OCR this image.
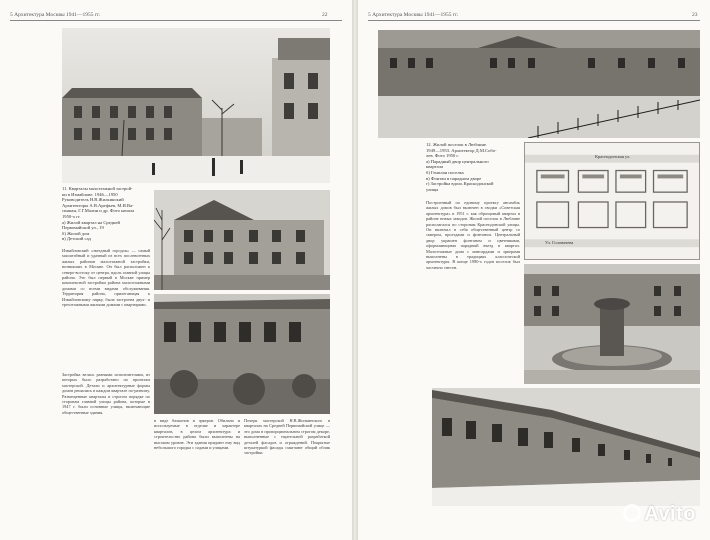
5 Архитектура Москвы 1941—1955 гг.	22
11. Кварталы малоэтажной застрой-
ки в Измайлове. 1946—1950
Руководитель Н.В.Жилкинский
Архитекторы А.В.Арефьев, М.И.Ва-
синиан, Г.Г.Малин и др. Фото начала
1950-х гг.
а) Жилой квартал на Средней
Первомайской ул., 19
б) Жилой дом
в) Детский сад
Измайловский «звездный городок» — самый масштабный и удачный из всех послевоенных жилых районов малоэтажной застройки, возникших в Москве. Он был расположен к северо-востоку от центра, вдоль главной улицы района. Это был первый в Москве пример комплексной застройки района малоэтажными домами со всеми видами обслуживания. Территория района, прилегающая к Измайловскому парку, была застроена двух- и трехэтажными жилыми домами с квартирами.
Застройка велась разными исполнителями, из которых было разработано по проектам мастерской. Детали и архитектурные формы домов решались в каждом квартале по-разному. Размещенные кварталы в строгом порядке по сторонам главной улицы района, которые в 1947 г. были основные улицы, включающие общественные здания.
в виде балконов и эркеров. Обильно и используемые в отделке и характере кварталов, в целом архитектура и строительство района были выполнены на высоком уровне. Эти здания придают ему вид небольшого городка с садами и улицами.
Почерк мастерской Н.В.Жилкинского в кварталах на Средней Первомайской улице — это дома в пропорциональном строгом декоре, выполненные с тщательной разработкой деталей фасадов и ограждений. Покрытые штукатуркой фасады смягчают общий облик застройки.
5 Архитектура Москвы 1941—1955 гг.	23
12. Жилой поселок в Люблине.
1949—1953. Архитектор Д.М.Собо-
лев. Фото 1950 г.
а) Парадный двор центрального
квартала
б) Генплан поселка
в) Фонтан в парадном дворе
г) Застройка вдоль Краснодонской
улицы
Построенный по единому проекту ансамбль жилых домов был включен в сводки «Советская архитектура» в 1951 г. как образцовый квартал в районе новых заводов. Жилой поселок в Люблине располагался по сторонам Краснодонской улицы. Он включал в себя общественный центр со сквером, проездами и фонтаном. Центральный двор украшен фонтаном и цветниками, оформляющими парадный въезд в квартал. Малоэтажные дома с мансардами и эркерами выполнены в традициях классической архитектуры. В конце 1980-х годов поселок был частично снесен.
Краснодонская ул.
Ул. Головачева
Avito
